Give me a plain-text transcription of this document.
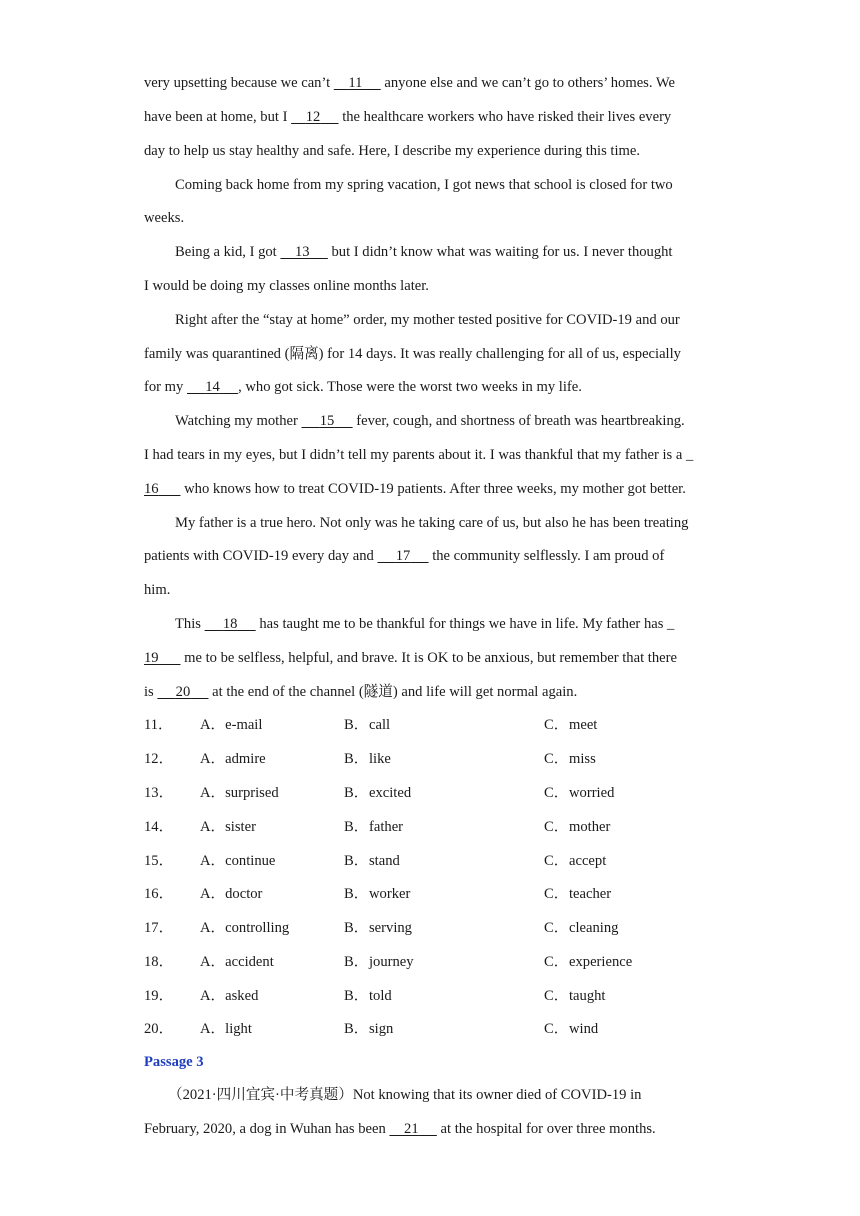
very upsetting because we can’t     11      anyone else and we can’t go to others’ homes. We
have been at home, but I     12      the healthcare workers who have risked their lives every
day to help us stay healthy and safe. Here, I describe my experience during this time.
Coming back home from my spring vacation, I got news that school is closed for two
weeks.
Being a kid, I got     13      but I didn’t know what was waiting for us. I never thought
I would be doing my classes online months later.
Right after the “stay at home” order, my mother tested positive for COVID-19 and our
family was quarantined (隔离) for 14 days. It was really challenging for all of us, especially
for my      14 , who got sick. Those were the worst two weeks in my life.
Watching my mother      15      fever, cough, and shortness of breath was heartbreaking.
I had tears in my eyes, but I didn’t tell my parents about it. I was thankful that my father is a _
16       who knows how to treat COVID-19 patients. After three weeks, my mother got better.
My father is a true hero. Not only was he taking care of us, but also he has been treating
patients with COVID-19 every day and      17      the community selflessly. I am proud of
him.
This      18      has taught me to be thankful for things we have in life. My father has _
19       me to be selfless, helpful, and brave. It is OK to be anxious, but remember that there
is      20      at the end of the channel (隧道) and life will get normal again.
11． A．e-mail	B． call	C． meet
12． A．admire	B． like	C． miss
13． A．surprised	B． excited	C． worried
14． A．sister	B． father	C． mother
15． A．continue	B． stand	C． accept
16． A．doctor	B． worker	C． teacher
17． A．controlling	B． serving	C． cleaning
18． A．accident	B． journey	C． experience
19． A．asked	B． told	C． taught
20． A．light	B． sign	C． wind
Passage 3
（2021·四川宜宾·中考真题）Not knowing that its owner died of COVID-19 in
February, 2020, a dog in Wuhan has been     21      at the hospital for over three months.
